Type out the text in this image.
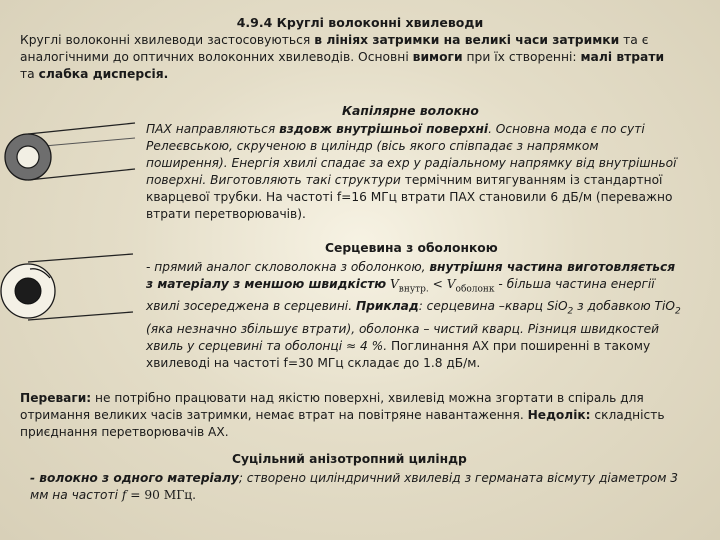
4.9.4 Круглі волоконні хвилеводи
Круглі волоконні хвилеводи застосовуються в лініях затримки на великі часи затримки та є аналогічними до оптичних волоконних хвилеводів. Основні вимоги при їх створенні: малі втрати та слабка дисперсія.
Капілярне волокно
ПАХ направляються вздовж внутрішньої поверхні. Основна мода є по суті Релеєвською, скрученою в циліндр (вісь якого співпадає з напрямком поширення). Енергія хвилі спадає за exp у радіальному напрямку від внутрішньої поверхні. Виготовляють такі структури термічним витягуванням із стандартної кварцевої трубки. На частоті f=16 МГц втрати ПАХ становили 6 дБ/м (переважно втрати перетворювачів).
Серцевина з оболонкою
- прямий аналог скловолокна з оболонкою, внутрішня частина виготовляється з матеріалу з меншою швидкістю $V_{внутр.} < V_{оболонк}$ - більша частина енергії хвилі зосереджена в серцевині. Приклад: серцевина –кварц SiO$_2$ з добавкою TiO$_2$ (яка незначно збільшує втрати), оболонка – чистий кварц. Різниця швидкостей хвиль у серцевині та оболонці ≈ 4 %. Поглинання АХ при поширенні в такому хвилеводі на частоті f=30 МГц складає до 1.8 дБ/м.
Переваги: не потрібно працювати над якістю поверхні, хвилевід можна згортати в спіраль для отримання великих часів затримки, немає втрат на повітряне навантаження. Недолік: складність приєднання перетворювачів АХ.
Суцільний анізотропний циліндр
- волокно з одного матеріалу; створено циліндричний хвилевід з германата вісмуту діаметром 3 мм на частоті f = 90 МГц.
